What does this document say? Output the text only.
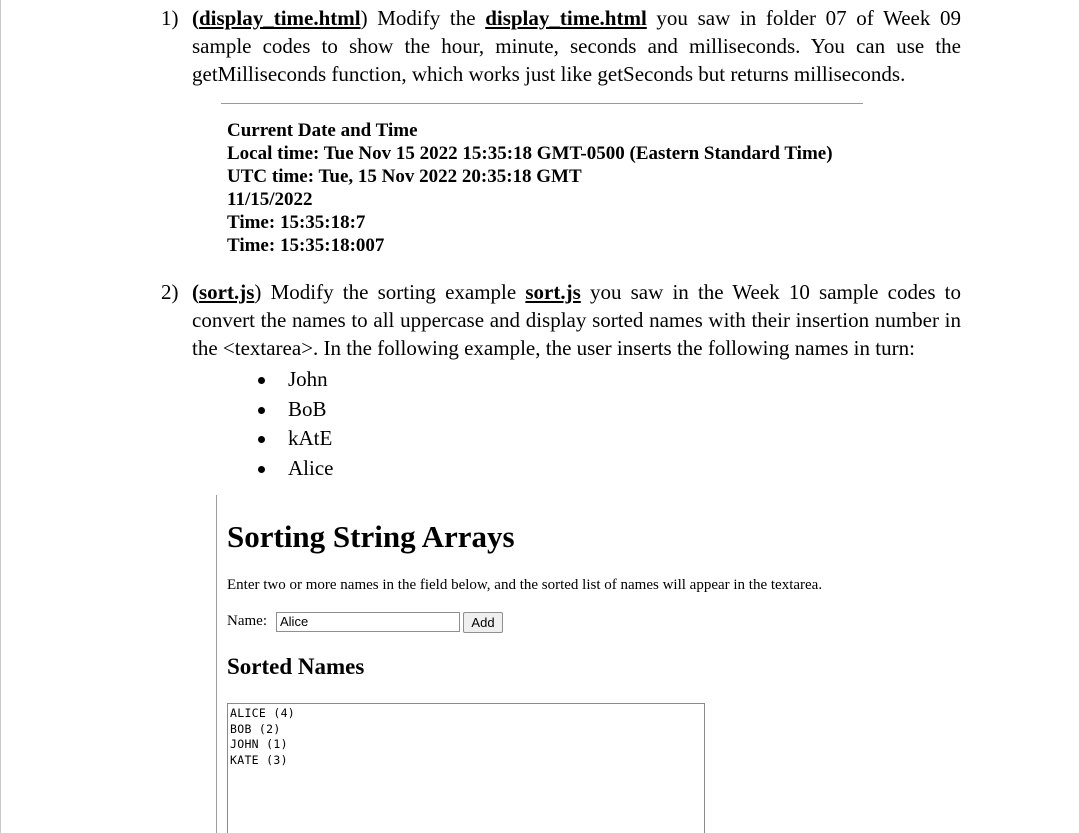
1) (display_time.html) Modify the display_time.html you saw in folder 07 of Week 09 sample codes to show the hour, minute, seconds and milliseconds. You can use the getMilliseconds function, which works just like getSeconds but returns milliseconds.
Current Date and Time
Local time: Tue Nov 15 2022 15:35:18 GMT-0500 (Eastern Standard Time)
UTC time: Tue, 15 Nov 2022 20:35:18 GMT
11/15/2022
Time: 15:35:18:7
Time: 15:35:18:007
2) (sort.js) Modify the sorting example sort.js you saw in the Week 10 sample codes to convert the names to all uppercase and display sorted names with their insertion number in the <textarea>. In the following example, the user inserts the following names in turn:
John
BoB
kAtE
Alice
Sorting String Arrays
Enter two or more names in the field below, and the sorted list of names will appear in the textarea.
Name:	Alice	Add
Sorted Names
ALICE (4)
BOB (2)
JOHN (1)
KATE (3)
